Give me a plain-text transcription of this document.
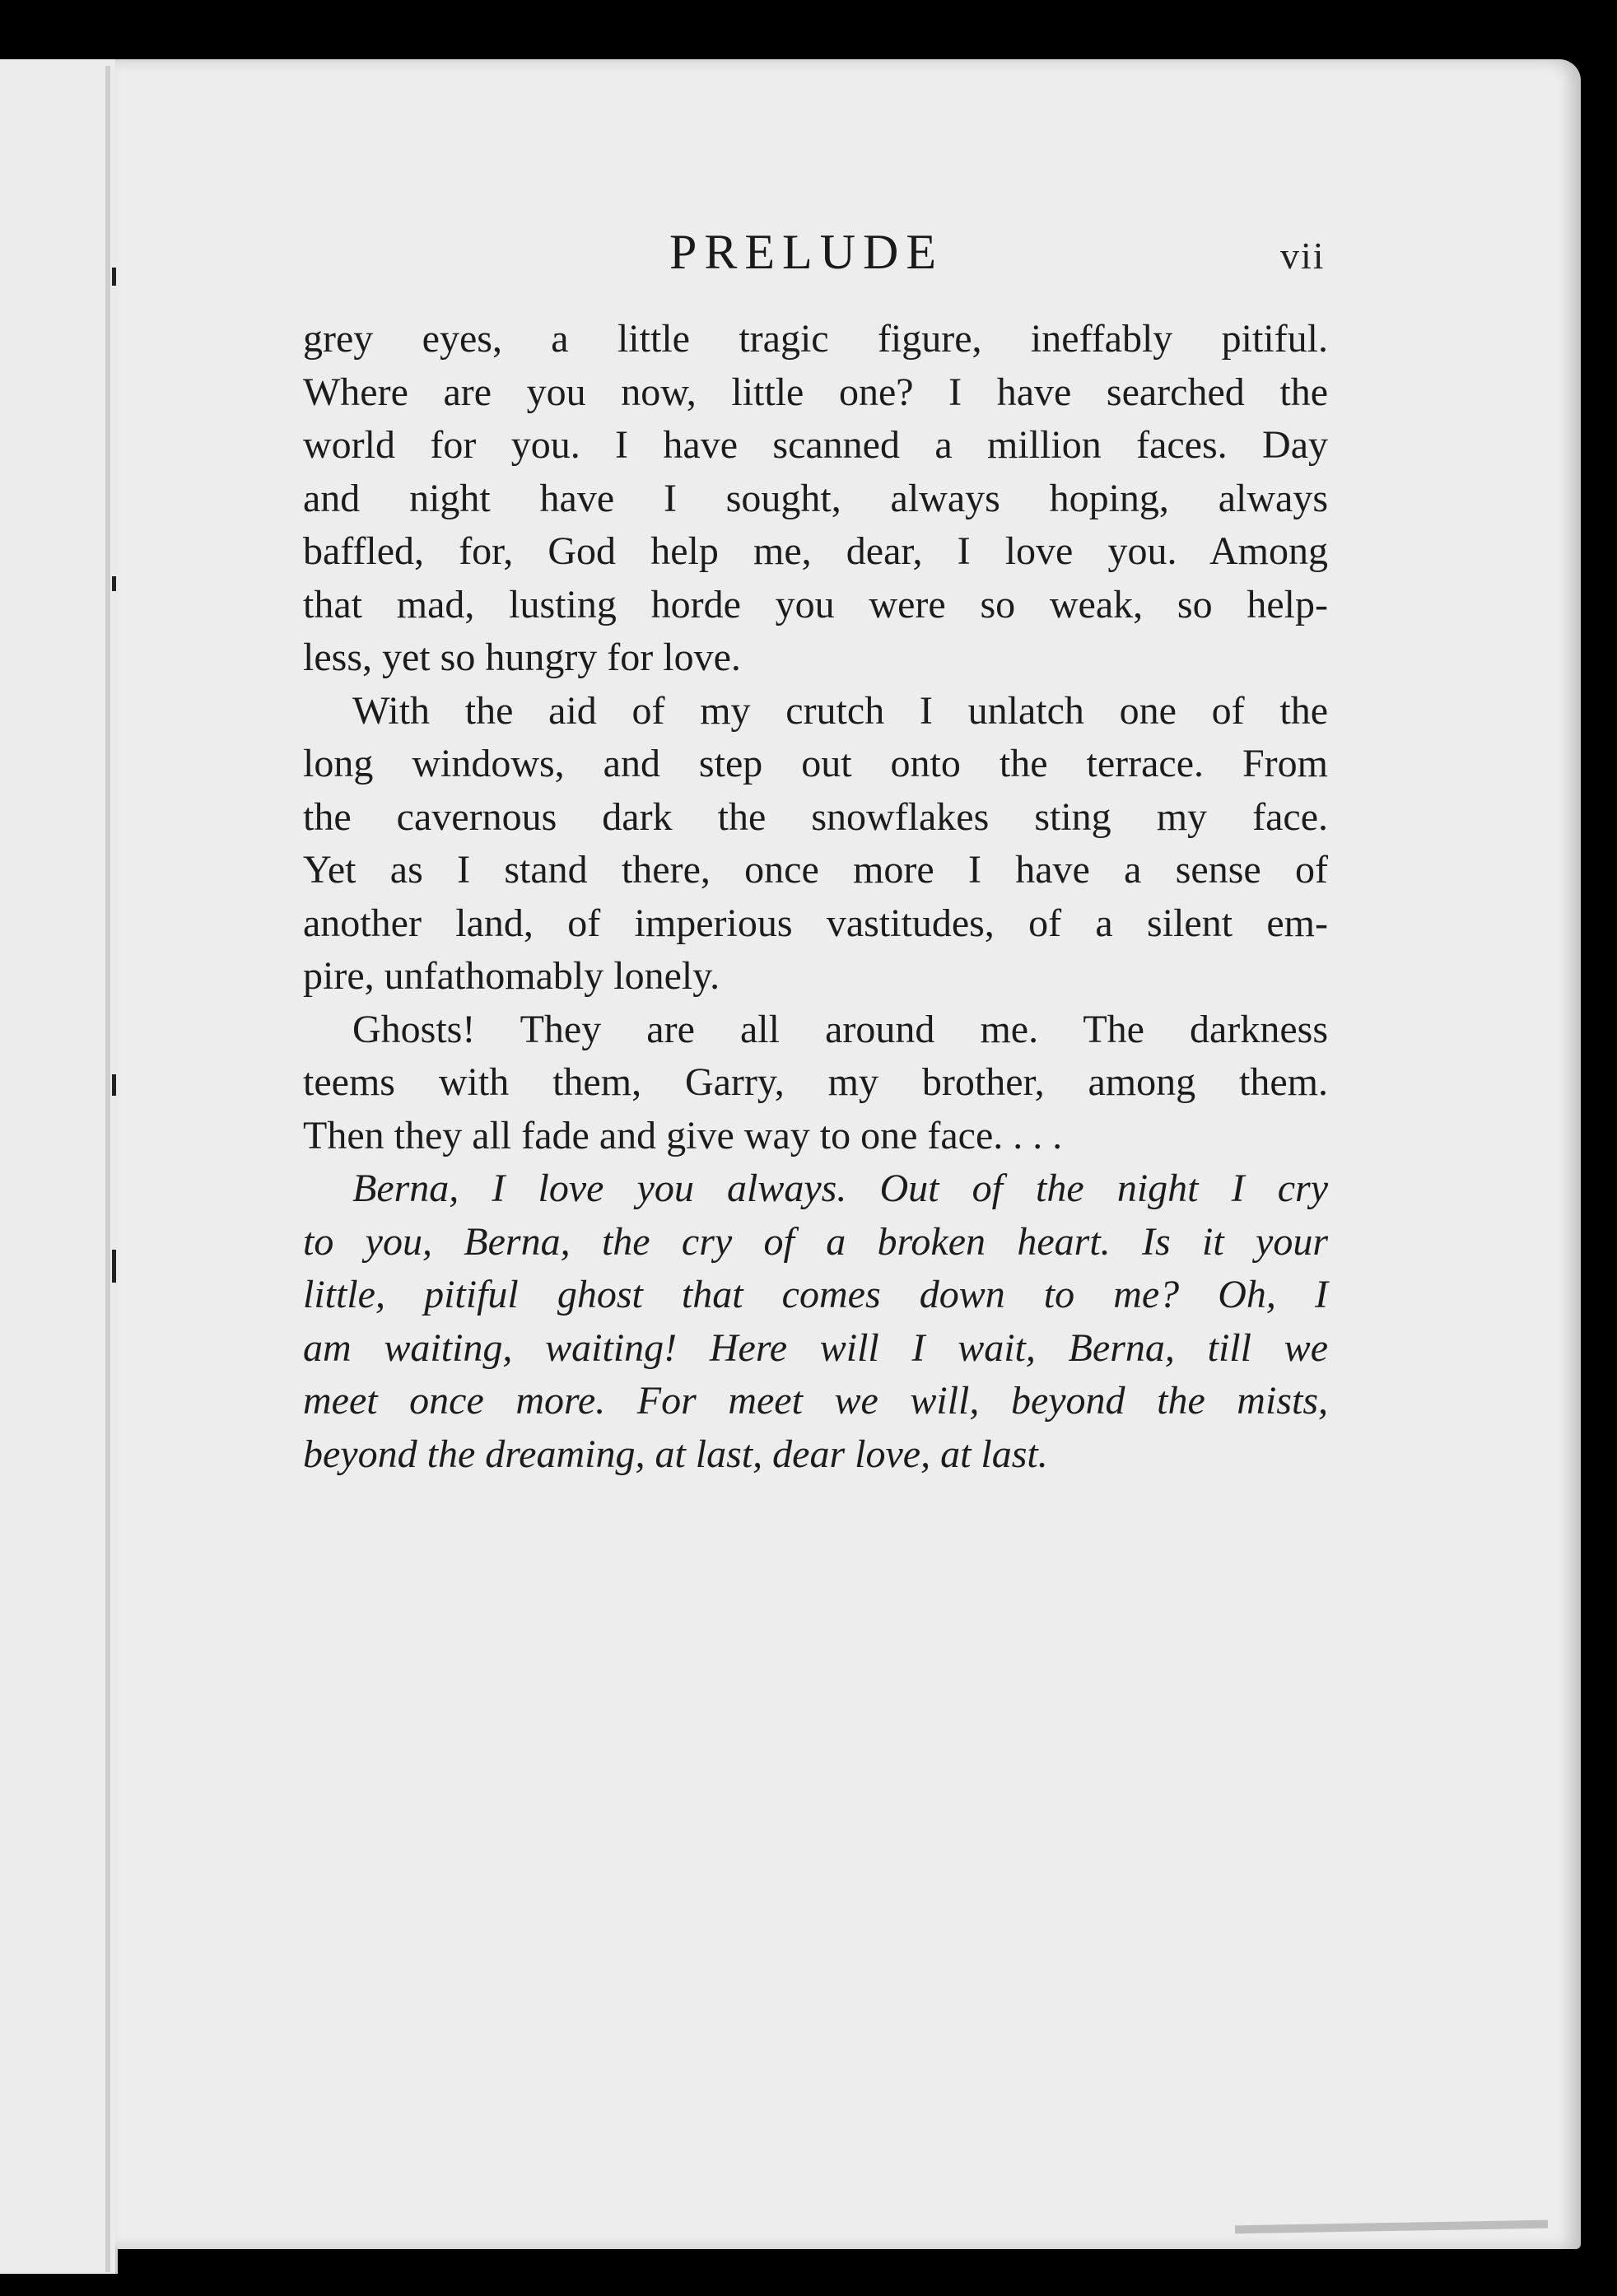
PRELUDE	vii
grey eyes, a little tragic figure, ineffably pitiful.
Where are you now, little one? I have searched the
world for you. I have scanned a million faces. Day
and night have I sought, always hoping, always
baffled, for, God help me, dear, I love you. Among
that mad, lusting horde you were so weak, so help-
less, yet so hungry for love.
With the aid of my crutch I unlatch one of the
long windows, and step out onto the terrace. From
the cavernous dark the snowflakes sting my face.
Yet as I stand there, once more I have a sense of
another land, of imperious vastitudes, of a silent em-
pire, unfathomably lonely.
Ghosts! They are all around me. The darkness
teems with them, Garry, my brother, among them.
Then they all fade and give way to one face. . . .
Berna, I love you always. Out of the night I cry
to you, Berna, the cry of a broken heart. Is it your
little, pitiful ghost that comes down to me? Oh, I
am waiting, waiting! Here will I wait, Berna, till we
meet once more. For meet we will, beyond the mists,
beyond the dreaming, at last, dear love, at last.
